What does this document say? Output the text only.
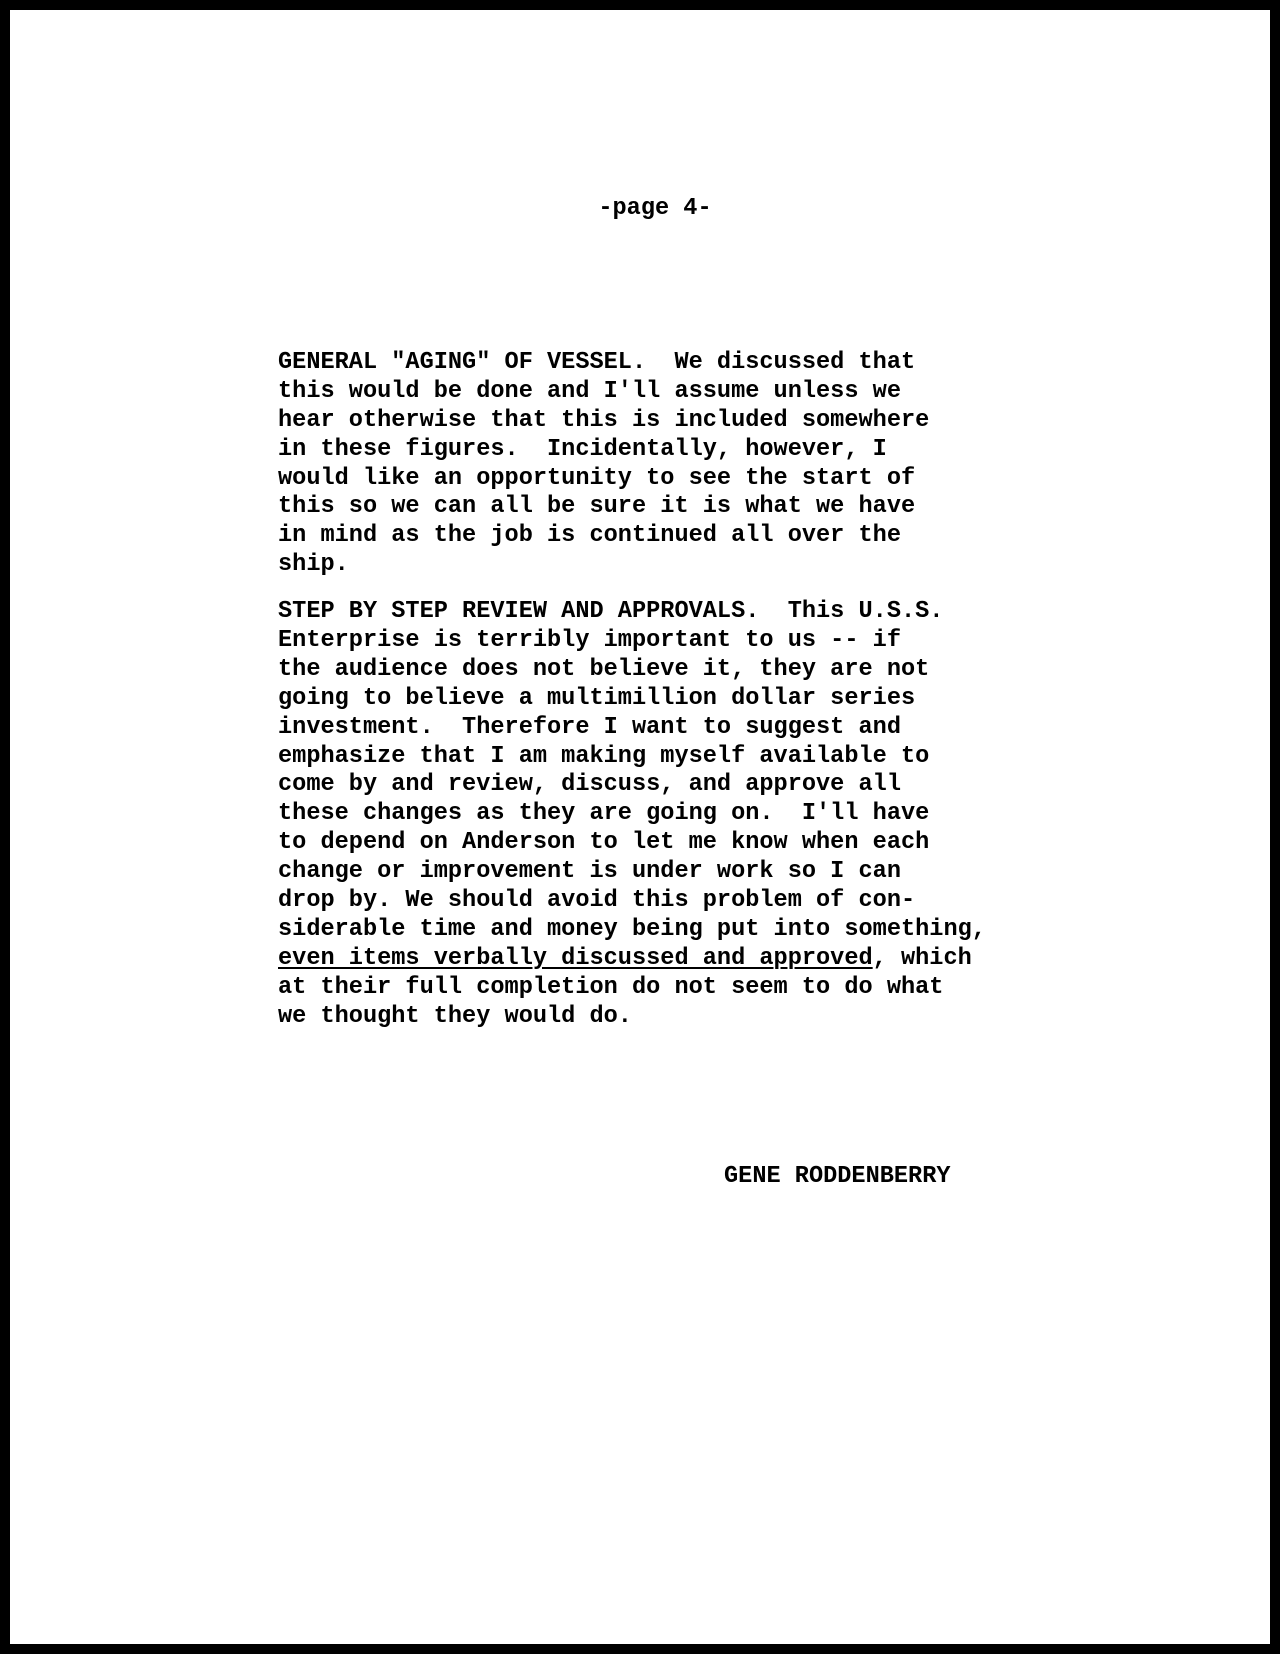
-page 4-
GENERAL "AGING" OF VESSEL.  We discussed that
this would be done and I'll assume unless we
hear otherwise that this is included somewhere
in these figures.  Incidentally, however, I
would like an opportunity to see the start of
this so we can all be sure it is what we have
in mind as the job is continued all over the
ship.
STEP BY STEP REVIEW AND APPROVALS.  This U.S.S.
Enterprise is terribly important to us -- if
the audience does not believe it, they are not
going to believe a multimillion dollar series
investment.  Therefore I want to suggest and
emphasize that I am making myself available to
come by and review, discuss, and approve all
these changes as they are going on.  I'll have
to depend on Anderson to let me know when each
change or improvement is under work so I can
drop by. We should avoid this problem of con-
siderable time and money being put into something,
even items verbally discussed and approved, which
at their full completion do not seem to do what
we thought they would do.
GENE RODDENBERRY
